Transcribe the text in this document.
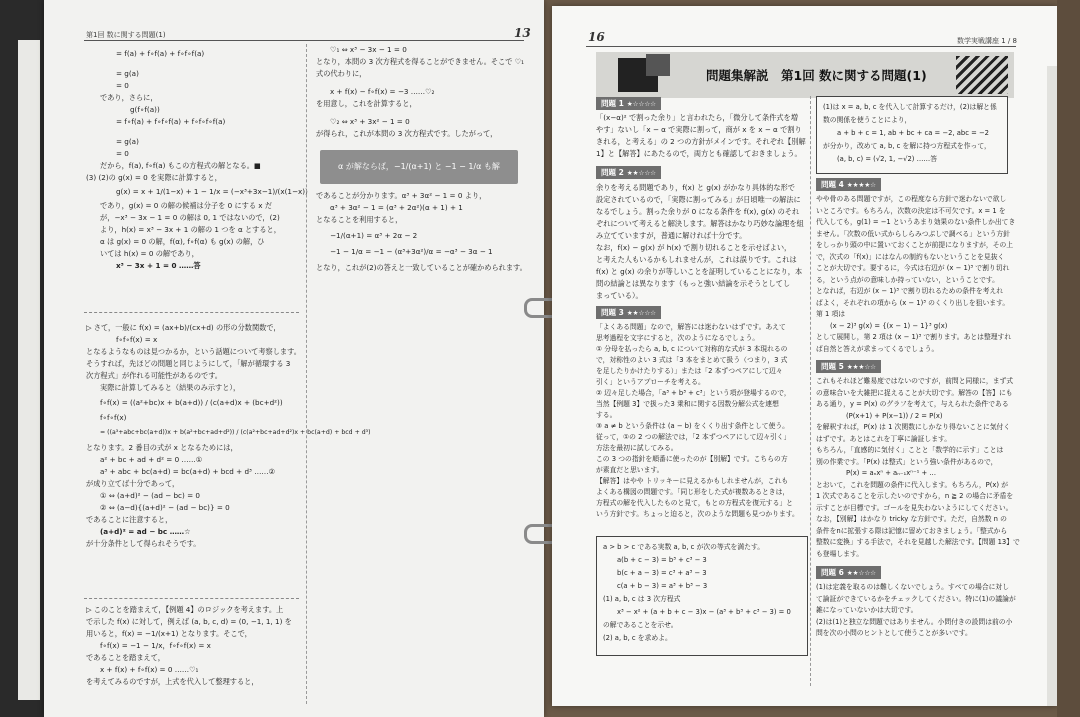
第1回 数に関する問題(1)	13
= f(a) + f∘f(a) + f∘f∘f(a)
= g(a)
= 0
であり，さらに，
g(f∘f(a))
= f∘f(a) + f∘f∘f(a) + f∘f∘f∘f(a)
= g(a)
= 0
だから，f(a), f∘f(a) もこの方程式の解となる。■
(3) (2)の g(x) = 0 を実際に計算すると，
g(x) = x + 1/(1−x) + 1 − 1/x = (−x³+3x−1)/(x(1−x))
であり，g(x) = 0 の解の候補は分子を 0 にする x だ
が，−x³ − 3x − 1 = 0 の解は 0, 1 ではないので，(2)
より，h(x) = x³ − 3x + 1 の解の 1 つを α とすると，
α は g(x) = 0 の解，f(α), f∘f(α) も g(x) の解，ひ
いては h(x) = 0 の解であり，
x³ − 3x + 1 = 0 ……答
▷ さて，一般に f(x) = (ax+b)/(cx+d) の形の分数関数で，
f∘f∘f(x) = x
となるようなものは見つかるか，という話題について考察します。
そうすれば，先ほどの問題と同じようにして，「解が循環する 3
次方程式」が作れる可能性があるのです。
実際に計算してみると（結果のみ示すと），
f∘f(x) = ((a²+bc)x + b(a+d)) / (c(a+d)x + (bc+d²))
f∘f∘f(x)
= ((a³+abc+bc(a+d))x + b(a²+bc+ad+d²)) / (c(a²+bc+ad+d²)x + bc(a+d) + bcd + d³)
となります。2 番目の式が x となるためには，
a² + bc + ad + d² = 0 ……①
a³ + abc + bc(a+d) = bc(a+d) + bcd + d³ ……②
が成り立てば十分であって，
① ⇔ (a+d)² − (ad − bc) = 0
② ⇔ (a−d){(a+d)² − (ad − bc)} = 0
であることに注意すると，
(a+d)² = ad − bc ……☆
が十分条件として得られそうです。
▷ このことを踏まえて，【例題 4】のロジックを考えます。上
で示した f(x) に対して，例えば (a, b, c, d) = (0, −1, 1, 1) を
用いると，f(x) = −1/(x+1) となります。そこで，
f∘f(x) = −1 − 1/x，f∘f∘f(x) = x
であることを踏まえて，
x + f(x) + f∘f(x) = 0 ……♡₁
を考えてみるのですが，上式を代入して整理すると，
♡₁ ⇔ x³ − 3x − 1 = 0
となり，本問の 3 次方程式を得ることができません。そこで ♡₁
式の代わりに，
x + f(x) − f∘f(x) = −3 ……♡₂
を用意し，これを計算すると，
♡₂ ⇔ x³ + 3x² − 1 = 0
が得られ，これが本問の 3 次方程式です。したがって，
α が解ならば，−1/(α+1) と −1 − 1/α も解
であることが分かります。α³ + 3α² − 1 = 0 より，
α³ + 3α² − 1 = (α³ + 2α²)(α + 1) + 1
となることを利用すると，
−1/(α+1) = α³ + 2α − 2
−1 − 1/α = −1 − (α³+3α²)/α = −α³ − 3α − 1
となり，これが(2)の答えと一致していることが確かめられます。
16	数学実戦講座 1 / 8
問題集解説　第1回 数に関する問題(1)
問題 1 ★☆☆☆☆
「(x−α)² で割った余り」と言われたら，「微分して条件式を増
やす」ないし「x − α で実際に割って，商が x を x − α で割り
きれる，と考える」の 2 つの方針がメインです。それぞれ【別解
1】と【解答】にあたるので，両方とも確認しておきましょう。
問題 2 ★★☆☆☆
余りを考える問題であり，f(x) と g(x) がかなり具体的な形で
設定されているので，「実際に割ってみる」が日頃唯一の解法に
なるでしょう。割った余りが 0 になる条件を f(x), g(x) のそれ
ぞれについて考えると解決します。解答はかなり巧妙な論理を組
み立てていますが，普通に解ければ十分です。
なお，f(x) − g(x) が h(x) で割り切れることを示せばよい，
と考えた人もいるかもしれませんが，これは誤りです。これは
f(x) と g(x) の余りが等しいことを証明していることになり，本
問の結論とは異なります（もっと強い結論を示そうとしてし
まっている）。
問題 3 ★★☆☆☆
「よくある問題」なので，解答には迷わないはずです。あえて
思考過程を文字にすると，次のようになるでしょう。
① 分母を払ったら a, b, c について対称的な式が 3 本現れるの
で，対称性のよい 3 式は「3 本をまとめて扱う（つまり，3 式
を足したりかけたりする）」または「2 本ずつペアにして辺々
引く」というアプローチを考える。
② 辺々足した場合，「a³ + b³ + c³」という項が登場するので，
当然【例題 3】で扱った3 乗和に関する因数分解公式を連想
する。
③ a ≠ b という条件は (a − b) をくくり出す条件として使う。
従って，①の 2 つの解法では，「2 本ずつペアにして辺々引く」
方法を最初に試してみる。
この 3 つの指針を順番に使ったのが【別解】です。こちらの方
が素直だと思います。
【解答】はやや トリッキーに見えるかもしれませんが，これも
よくある構図の問題です。「同じ形をした式が複数あるときは，
方程式の解を代入したものと見て，もとの方程式を復元する」と
いう方針です。ちょっと迫ると，次のような問題も見つかります。
a > b > c である実数 a, b, c が次の等式を満たす。
a(b + c − 3) = b³ + c³ − 3
b(c + a − 3) = c³ + a³ − 3
c(a + b − 3) = a³ + b³ − 3
(1) a, b, c は 3 次方程式
x³ − x² + (a + b + c − 3)x − (a³ + b³ + c³ − 3) = 0
の解であることを示せ。
(2) a, b, c を求めよ。
(1)は x = a, b, c を代入して計算するだけ，(2)は解と係
数の関係を使うことにより，
a + b + c = 1, ab + bc + ca = −2, abc = −2
が分かり，改めて a, b, c を解に持つ方程式を作って，
(a, b, c) = (√2, 1, −√2) ……答
問題 4 ★★★★☆
やや骨のある問題ですが，この程度なら方針で迷わないで欲し
いところです。もちろん，次数の決定は不可欠です。x = 1 を
代入しても，g(1) = −1 というあまり効果のない条件しか出てき
ません。「次数の低い式からしらみつぶしで調べる」という方針
をしっかり頭の中に置いておくことが前提になりますが，その上
で，次式の「f(x)」にはなんの制約もないということを見抜く
ことが大切です。要するに，今式は右辺が (x − 1)³ で割り切れ
る，という点がの意味しか持っていない，ということです。
となれば，右辺が (x − 1)³ で割り切れるための条件を考えれ
ばよく，それぞれの項から (x − 1)³ のくくり出しを狙います。
第 1 項は
(x − 2)³ g(x) = {(x − 1) − 1}³ g(x)
として展開し，第 2 項は (x − 1)³ で割ります。あとは整理すれ
ば自然と答えが求まってくるでしょう。
問題 5 ★★★☆☆
これもそれほど難易度ではないのですが，前問と同様に，まず式
の意味合いを大雑把に捉えることが大切です。解答の【答】にも
ある通り，y = P(x) のグラフを考えて，与えられた条件である
(P(x+1) + P(x−1)) / 2 = P(x)
を解釈すれば，P(x) は 1 次関数にしかなり得ないことに気付く
はずです。あとはこれを丁寧に論証します。
もちろん，「直感的に気付く」ことと「数学的に示す」ことは
別の作業です。「P(x) は整式」という強い条件があるので，
P(x) = aₙxⁿ + aₙ₋₁xⁿ⁻¹ + …
とおいて，これを問題の条件に代入します。もちろん，P(x) が
1 次式であることを示したいのですから，n ≧ 2 の場合に矛盾を
示すことが目標です。ゴールを見失わないようにしてください。
なお，【別解】はかなり tricky な方針です。ただ，自然数 n の
条件をnに拡張する際は記憶に留めておきましょう。「整式から
整数に変換」する手法で，それを見越した解法です。【問題 13】で
も登場します。
問題 6 ★★☆☆☆
(1)は定義を取るのは難しくないでしょう。すべての場合に対し
て論証ができているかをチェックしてください。特に(1)の議論が
雑になっていないかは大切です。
(2)は(1)と独立な問題ではありません。小問付きの設問は前の小
問を次の小問のヒントとして使うことが多いです。
